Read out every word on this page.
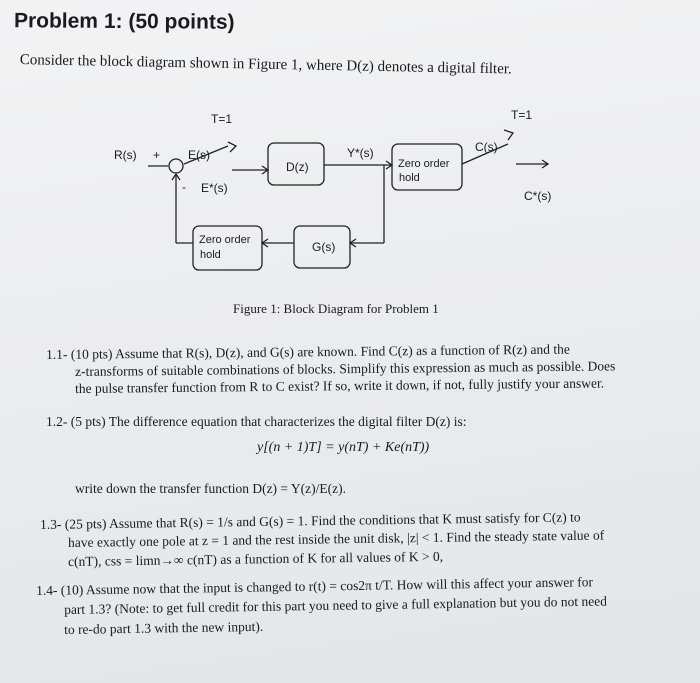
Problem 1: (50 points)
Consider the block diagram shown in Figure 1, where D(z) denotes a digital filter.
T=1	T=1
R(s) +
-
E(s)
E*(s)
D(z)
Y*(s)
Zero order
hold
C(s)
C*(s)
Zero order
hold
G(s)
Figure 1: Block Diagram for Problem 1
1.1- (10 pts) Assume that R(s), D(z), and G(s) are known. Find C(z) as a function of R(z) and the
z-transforms of suitable combinations of blocks. Simplify this expression as much as possible. Does
the pulse transfer function from R to C exist? If so, write it down, if not, fully justify your answer.
1.2- (5 pts) The difference equation that characterizes the digital filter D(z) is:
y[(n + 1)T] = y(nT) + Ke(nT))
write down the transfer function D(z) = Y(z)/E(z).
1.3- (25 pts) Assume that R(s) = 1/s and G(s) = 1. Find the conditions that K must satisfy for C(z) to
have exactly one pole at z = 1 and the rest inside the unit disk, |z| < 1. Find the steady state value of
c(nT), css = limn→∞ c(nT) as a function of K for all values of K > 0,
1.4- (10) Assume now that the input is changed to r(t) = cos2π t/T. How will this affect your answer for
part 1.3? (Note: to get full credit for this part you need to give a full explanation but you do not need
to re-do part 1.3 with the new input).
